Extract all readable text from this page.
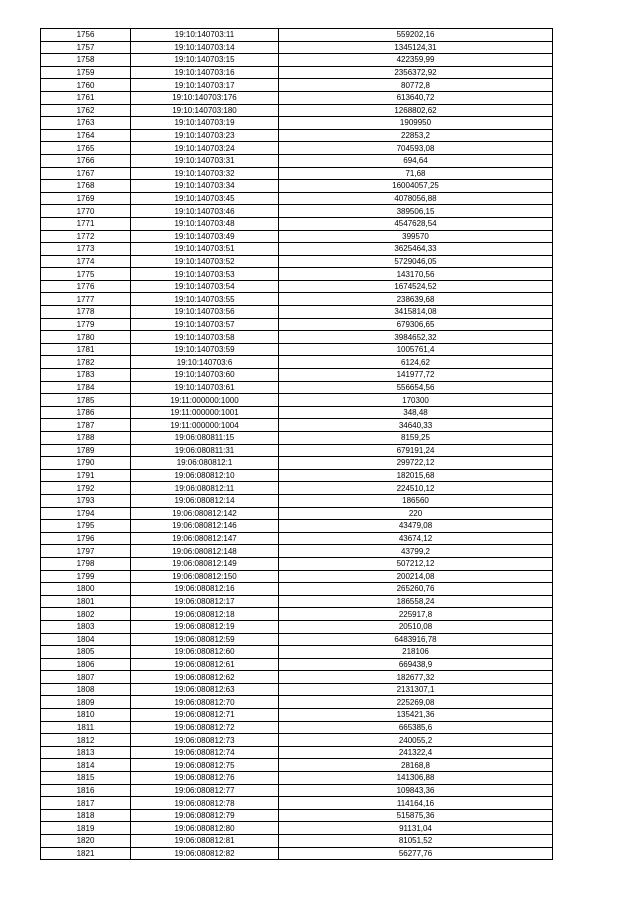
1756	19:10:140703:11	559202,16
1757	19:10:140703:14	1345124,31
1758	19:10:140703:15	422359,99
1759	19:10:140703:16	2356372,92
1760	19:10:140703:17	80772,8
1761	19:10:140703:176	613640,72
1762	19:10:140703:180	1268802,62
1763	19:10:140703:19	1909950
1764	19:10:140703:23	22853,2
1765	19:10:140703:24	704593,08
1766	19:10:140703:31	694,64
1767	19:10:140703:32	71,68
1768	19:10:140703:34	16004057,25
1769	19:10:140703:45	4078056,88
1770	19:10:140703:46	389506,15
1771	19:10:140703:48	4547628,54
1772	19:10:140703:49	399570
1773	19:10:140703:51	3625464,33
1774	19:10:140703:52	5729046,05
1775	19:10:140703:53	143170,56
1776	19:10:140703:54	1674524,52
1777	19:10:140703:55	238639,68
1778	19:10:140703:56	3415814,08
1779	19:10:140703:57	679306,65
1780	19:10:140703:58	3984652,32
1781	19:10:140703:59	1005761,4
1782	19:10:140703:6	6124,62
1783	19:10:140703:60	141977,72
1784	19:10:140703:61	556654,56
1785	19:11:000000:1000	170300
1786	19:11:000000:1001	348,48
1787	19:11:000000:1004	34640,33
1788	19:06:080811:15	8159,25
1789	19:06:080811:31	679191,24
1790	19:06:080812:1	299722,12
1791	19:06:080812:10	182015,68
1792	19:06:080812:11	224510,12
1793	19:06:080812:14	186560
1794	19:06:080812:142	220
1795	19:06:080812:146	43479,08
1796	19:06:080812:147	43674,12
1797	19:06:080812:148	43799,2
1798	19:06:080812:149	507212,12
1799	19:06:080812:150	200214,08
1800	19:06:080812:16	265260,76
1801	19:06:080812:17	186558,24
1802	19:06:080812:18	225917,8
1803	19:06:080812:19	20510,08
1804	19:06:080812:59	6483916,78
1805	19:06:080812:60	218106
1806	19:06:080812:61	669438,9
1807	19:06:080812:62	182677,32
1808	19:06:080812:63	2131307,1
1809	19:06:080812:70	225269,08
1810	19:06:080812:71	135421,36
1811	19:06:080812:72	665385,6
1812	19:06:080812:73	240055,2
1813	19:06:080812:74	241322,4
1814	19:06:080812:75	28168,8
1815	19:06:080812:76	141306,88
1816	19:06:080812:77	109843,36
1817	19:06:080812:78	114164,16
1818	19:06:080812:79	515875,36
1819	19:06:080812:80	91131,04
1820	19:06:080812:81	81051,52
1821	19:06:080812:82	56277,76
